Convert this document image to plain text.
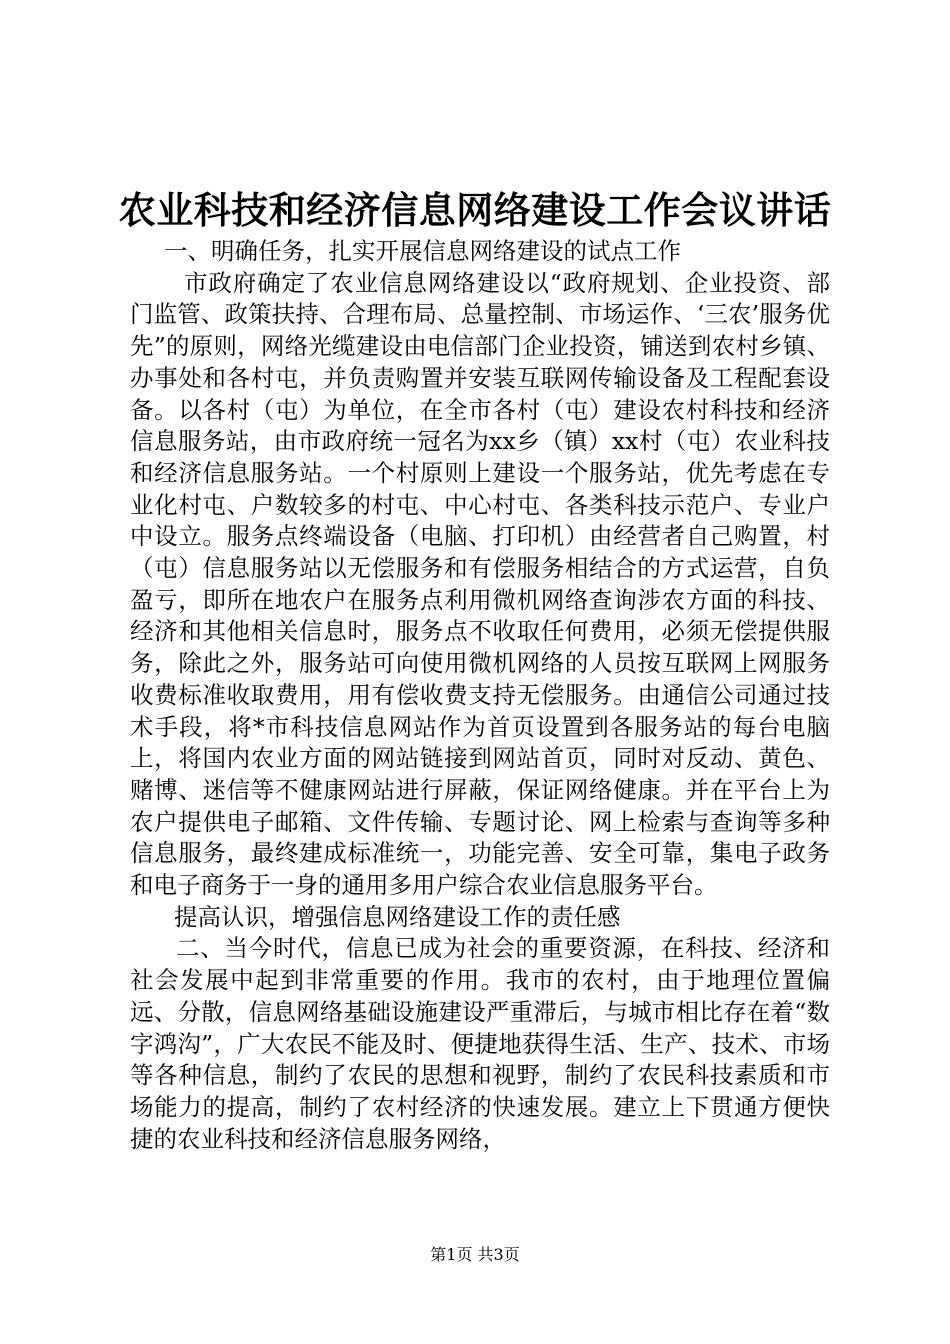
农业科技和经济信息网络建设工作会议讲话

一、明确任务，扎实开展信息网络建设的试点工作

市政府确定了农业信息网络建设以“政府规划、企业投资、部门监管、政策扶持、合理布局、总量控制、市场运作、‘三农’服务优先”的原则，网络光缆建设由电信部门企业投资，铺送到农村乡镇、办事处和各村屯，并负责购置并安装互联网传输设备及工程配套设备。以各村（屯）为单位，在全市各村（屯）建设农村科技和经济信息服务站，由市政府统一冠名为xx乡（镇）xx村（屯）农业科技和经济信息服务站。一个村原则上建设一个服务站，优先考虑在专业化村屯、户数较多的村屯、中心村屯、各类科技示范户、专业户中设立。服务点终端设备（电脑、打印机）由经营者自己购置，村（屯）信息服务站以无偿服务和有偿服务相结合的方式运营，自负盈亏，即所在地农户在服务点利用微机网络查询涉农方面的科技、经济和其他相关信息时，服务点不收取任何费用，必须无偿提供服务，除此之外，服务站可向使用微机网络的人员按互联网上网服务收费标准收取费用，用有偿收费支持无偿服务。由通信公司通过技术手段，将*市科技信息网站作为首页设置到各服务站的每台电脑上，将国内农业方面的网站链接到网站首页，同时对反动、黄色、赌博、迷信等不健康网站进行屏蔽，保证网络健康。并在平台上为农户提供电子邮箱、文件传输、专题讨论、网上检索与查询等多种信息服务，最终建成标准统一，功能完善、安全可靠，集电子政务和电子商务于一身的通用多用户综合农业信息服务平台。

提高认识，增强信息网络建设工作的责任感

二、当今时代，信息已成为社会的重要资源，在科技、经济和社会发展中起到非常重要的作用。我市的农村，由于地理位置偏远、分散，信息网络基础设施建设严重滞后，与城市相比存在着“数字鸿沟”，广大农民不能及时、便捷地获得生活、生产、技术、市场等各种信息，制约了农民的思想和视野，制约了农民科技素质和市场能力的提高，制约了农村经济的快速发展。建立上下贯通方便快捷的农业科技和经济信息服务网络，

第1页 共3页
